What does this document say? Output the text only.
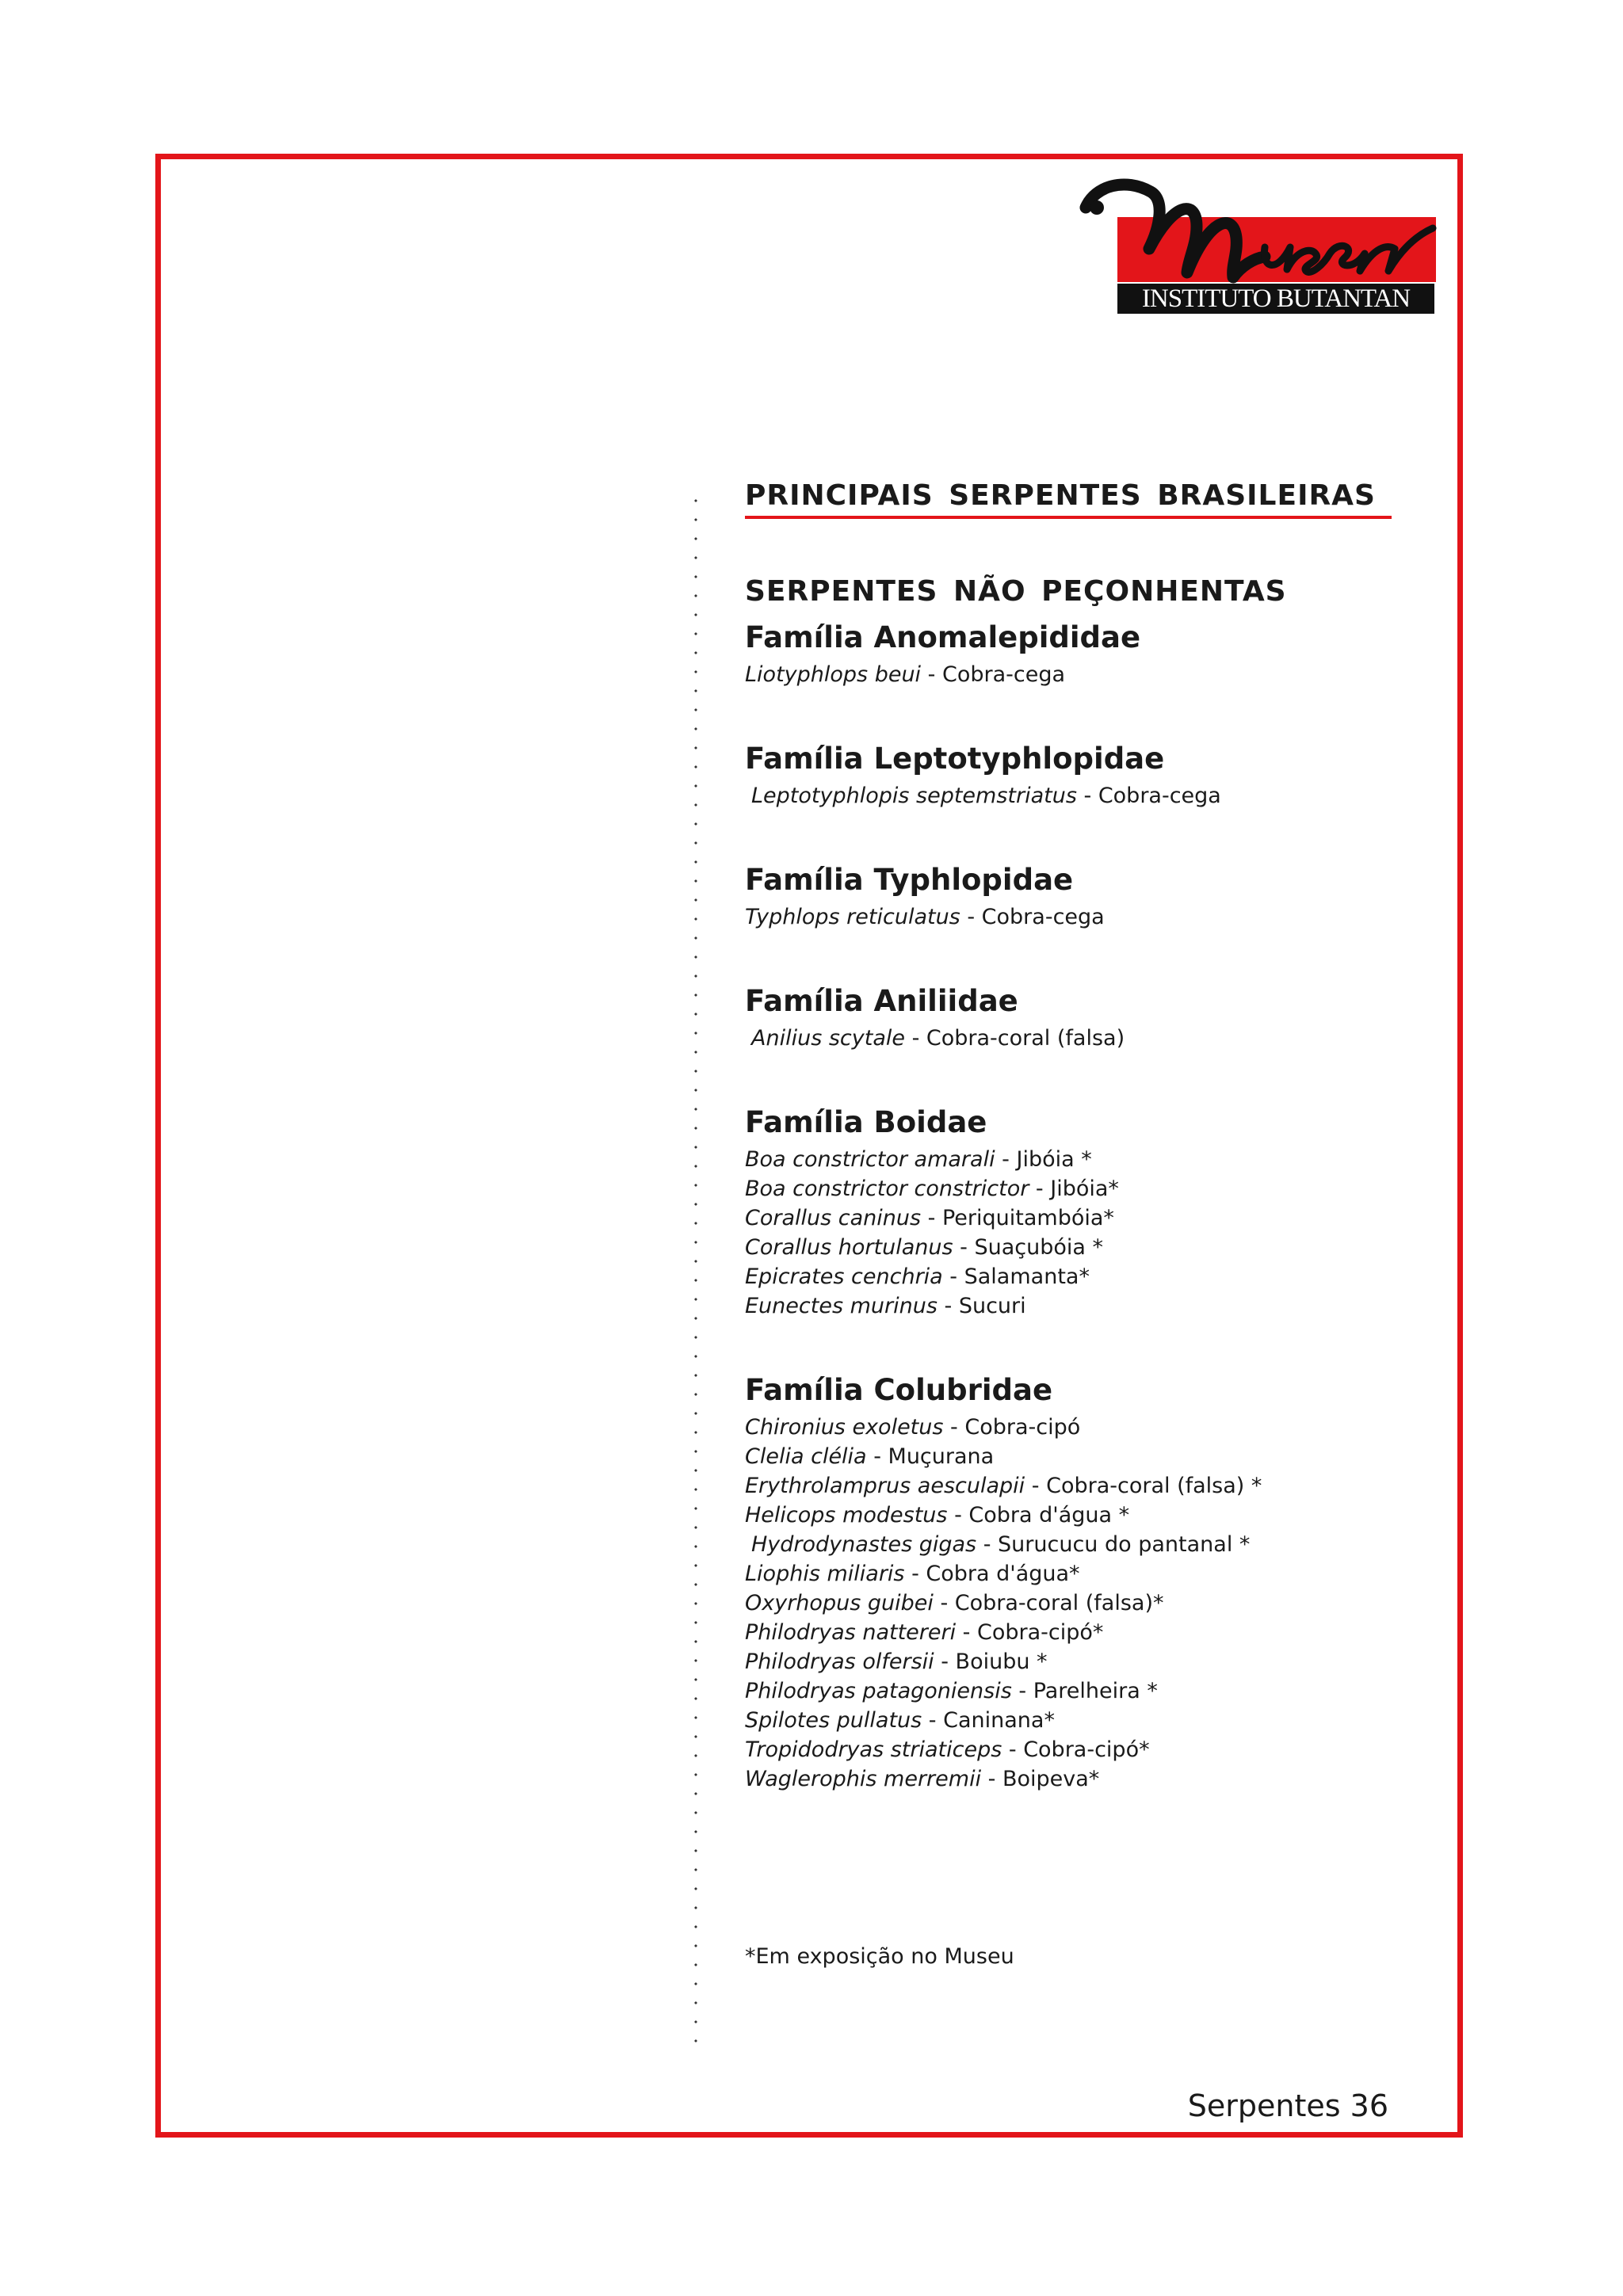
INSTITUTO BUTANTAN
PRINCIPAIS SERPENTES BRASILEIRAS
SERPENTES NÃO PEÇONHENTAS
Família Anomalepididae
Liotyphlops beui - Cobra-cega
Família Leptotyphlopidae
Leptotyphlopis septemstriatus - Cobra-cega
Família Typhlopidae
Typhlops reticulatus - Cobra-cega
Família Aniliidae
Anilius scytale - Cobra-coral (falsa)
Família Boidae
Boa constrictor amarali - Jibóia *
Boa constrictor constrictor - Jibóia*
Corallus caninus - Periquitambóia*
Corallus hortulanus - Suaçubóia *
Epicrates cenchria - Salamanta*
Eunectes murinus - Sucuri
Família Colubridae
Chironius exoletus - Cobra-cipó
Clelia clélia - Muçurana
Erythrolamprus aesculapii - Cobra-coral (falsa) *
Helicops modestus - Cobra d'água *
Hydrodynastes gigas - Surucucu do pantanal *
Liophis miliaris - Cobra d'água*
Oxyrhopus guibei - Cobra-coral (falsa)*
Philodryas nattereri - Cobra-cipó*
Philodryas olfersii - Boiubu *
Philodryas patagoniensis - Parelheira *
Spilotes pullatus - Caninana*
Tropidodryas striaticeps - Cobra-cipó*
Waglerophis merremii - Boipeva*
*Em exposição no Museu
Serpentes 36
